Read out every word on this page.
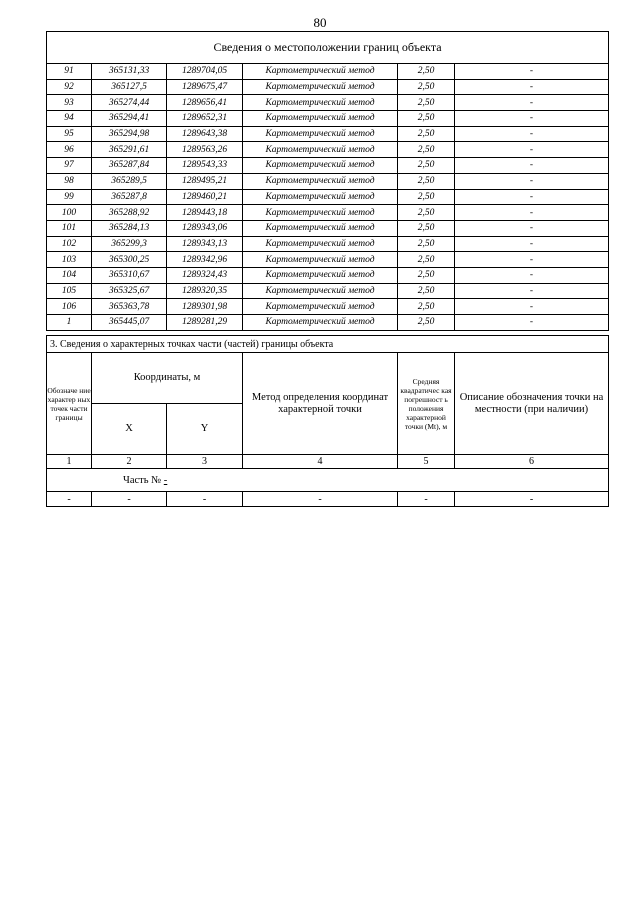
80
Сведения о местоположении границ объекта					
91	365131,33	1289704,05	Картометрический метод	2,50	-
92	365127,5	1289675,47	Картометрический метод	2,50	-
93	365274,44	1289656,41	Картометрический метод	2,50	-
94	365294,41	1289652,31	Картометрический метод	2,50	-
95	365294,98	1289643,38	Картометрический метод	2,50	-
96	365291,61	1289563,26	Картометрический метод	2,50	-
97	365287,84	1289543,33	Картометрический метод	2,50	-
98	365289,5	1289495,21	Картометрический метод	2,50	-
99	365287,8	1289460,21	Картометрический метод	2,50	-
100	365288,92	1289443,18	Картометрический метод	2,50	-
101	365284,13	1289343,06	Картометрический метод	2,50	-
102	365299,3	1289343,13	Картометрический метод	2,50	-
103	365300,25	1289342,96	Картометрический метод	2,50	-
104	365310,67	1289324,43	Картометрический метод	2,50	-
105	365325,67	1289320,35	Картометрический метод	2,50	-
106	365363,78	1289301,98	Картометрический метод	2,50	-
1	365445,07	1289281,29	Картометрический метод	2,50	-
3. Сведения о характерных точках части (частей) границы объекта					
Обозначе ние характер ных точек части границы	Координаты, м		Метод определения координат характерной точки	Средняя квадратичес кая погрешност ь положения характерной точки (Mt), м	Описание обозначения точки на местности (при наличии)
	X	Y			
1	2	3	4	5	6
Часть № -					
-	-	-	-	-	-
